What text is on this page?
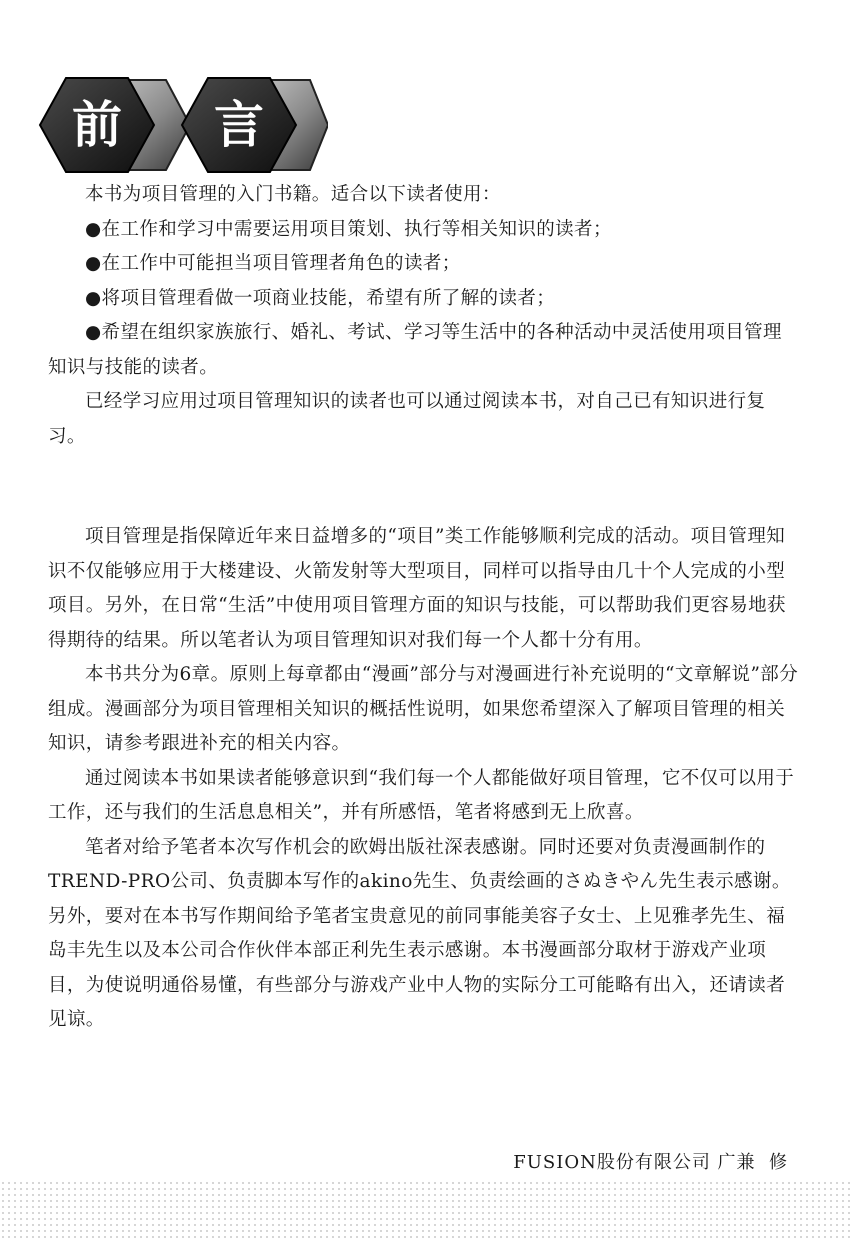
前 言

本书为项目管理的入门书籍。适合以下读者使用：

●在工作和学习中需要运用项目策划、执行等相关知识的读者；

●在工作中可能担当项目管理者角色的读者；

●将项目管理看做一项商业技能，希望有所了解的读者；

●希望在组织家族旅行、婚礼、考试、学习等生活中的各种活动中灵活使用项目管理知识与技能的读者。

已经学习应用过项目管理知识的读者也可以通过阅读本书，对自己已有知识进行复习。

项目管理是指保障近年来日益增多的“项目”类工作能够顺利完成的活动。项目管理知识不仅能够应用于大楼建设、火箭发射等大型项目，同样可以指导由几十个人完成的小型项目。另外，在日常“生活”中使用项目管理方面的知识与技能，可以帮助我们更容易地获得期待的结果。所以笔者认为项目管理知识对我们每一个人都十分有用。

本书共分为6章。原则上每章都由“漫画”部分与对漫画进行补充说明的“文章解说”部分组成。漫画部分为项目管理相关知识的概括性说明，如果您希望深入了解项目管理的相关知识，请参考跟进补充的相关内容。

通过阅读本书如果读者能够意识到“我们每一个人都能做好项目管理，它不仅可以用于工作，还与我们的生活息息相关”，并有所感悟，笔者将感到无上欣喜。

笔者对给予笔者本次写作机会的欧姆出版社深表感谢。同时还要对负责漫画制作的TREND-PRO公司、负责脚本写作的akino先生、负责绘画的さぬきやん先生表示感谢。另外，要对在本书写作期间给予笔者宝贵意见的前同事能美容子女士、上见雅孝先生、福岛丰先生以及本公司合作伙伴本部正利先生表示感谢。本书漫画部分取材于游戏产业项目，为使说明通俗易懂，有些部分与游戏产业中人物的实际分工可能略有出入，还请读者见谅。

FUSION股份有限公司 广兼  修
